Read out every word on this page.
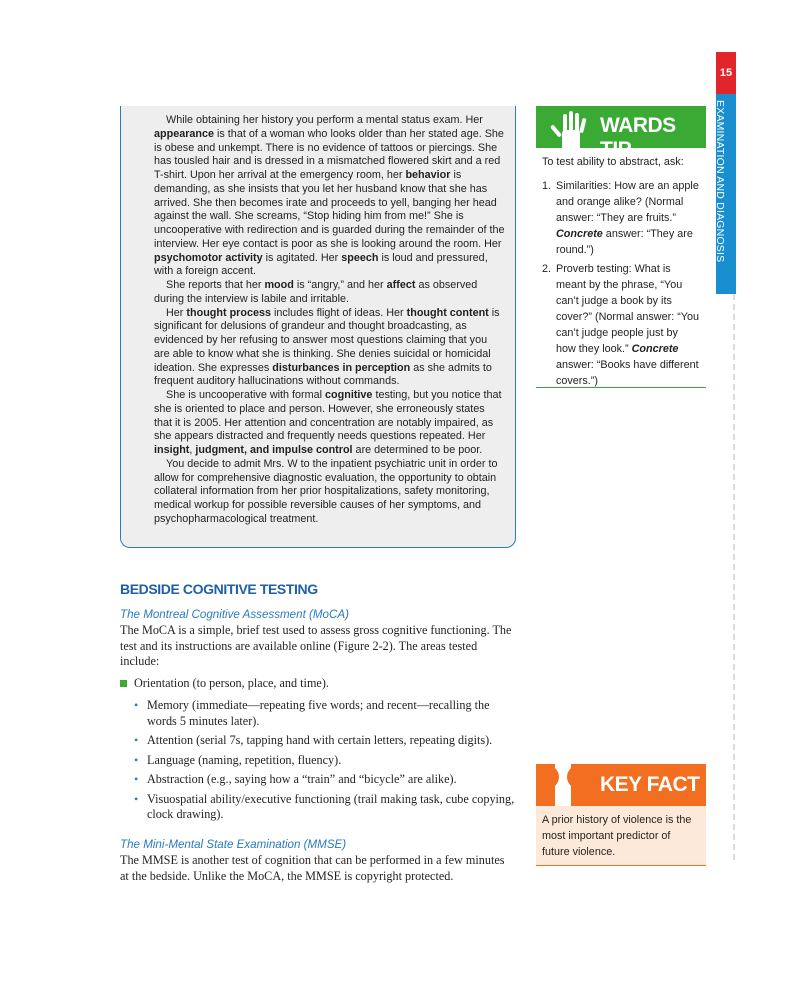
15
EXAMINATION AND DIAGNOSIS

While obtaining her history you perform a mental status exam. Her appearance is that of a woman who looks older than her stated age. She is obese and unkempt. There is no evidence of tattoos or piercings. She has tousled hair and is dressed in a mismatched flowered skirt and a red T-shirt. Upon her arrival at the emergency room, her behavior is demanding, as she insists that you let her husband know that she has arrived. She then becomes irate and proceeds to yell, banging her head against the wall. She screams, “Stop hiding him from me!” She is uncooperative with redirection and is guarded during the remainder of the interview. Her eye contact is poor as she is looking around the room. Her psychomotor activity is agitated. Her speech is loud and pressured, with a foreign accent.

She reports that her mood is “angry,” and her affect as observed during the interview is labile and irritable.

Her thought process includes flight of ideas. Her thought content is significant for delusions of grandeur and thought broadcasting, as evidenced by her refusing to answer most questions claiming that you are able to know what she is thinking. She denies suicidal or homicidal ideation. She expresses disturbances in perception as she admits to frequent auditory hallucinations without commands.

She is uncooperative with formal cognitive testing, but you notice that she is oriented to place and person. However, she erroneously states that it is 2005. Her attention and concentration are notably impaired, as she appears distracted and frequently needs questions repeated. Her insight, judgment, and impulse control are determined to be poor.

You decide to admit Mrs. W to the inpatient psychiatric unit in order to allow for comprehensive diagnostic evaluation, the opportunity to obtain collateral information from her prior hospitalizations, safety monitoring, medical workup for possible reversible causes of her symptoms, and psychopharmacological treatment.

WARDS TIP
To test ability to abstract, ask:
1. Similarities: How are an apple and orange alike? (Normal answer: “They are fruits.” Concrete answer: “They are round.”)
2. Proverb testing: What is meant by the phrase, “You can’t judge a book by its cover?” (Normal answer: “You can’t judge people just by how they look.” Concrete answer: “Books have different covers.”)
KEY FACT
A prior history of violence is the most important predictor of future violence.
BEDSIDE COGNITIVE TESTING
The Montreal Cognitive Assessment (MoCA)

The MoCA is a simple, brief test used to assess gross cognitive functioning. The test and its instructions are available online (Figure 2-2). The areas tested include:

Orientation (to person, place, and time).
• Memory (immediate—repeating five words; and recent—recalling the words 5 minutes later).
• Attention (serial 7s, tapping hand with certain letters, repeating digits).
• Language (naming, repetition, fluency).
• Abstraction (e.g., saying how a “train” and “bicycle” are alike).
• Visuospatial ability/executive functioning (trail making task, cube copying, clock drawing).
The Mini-Mental State Examination (MMSE)

The MMSE is another test of cognition that can be performed in a few minutes at the bedside. Unlike the MoCA, the MMSE is copyright protected.
